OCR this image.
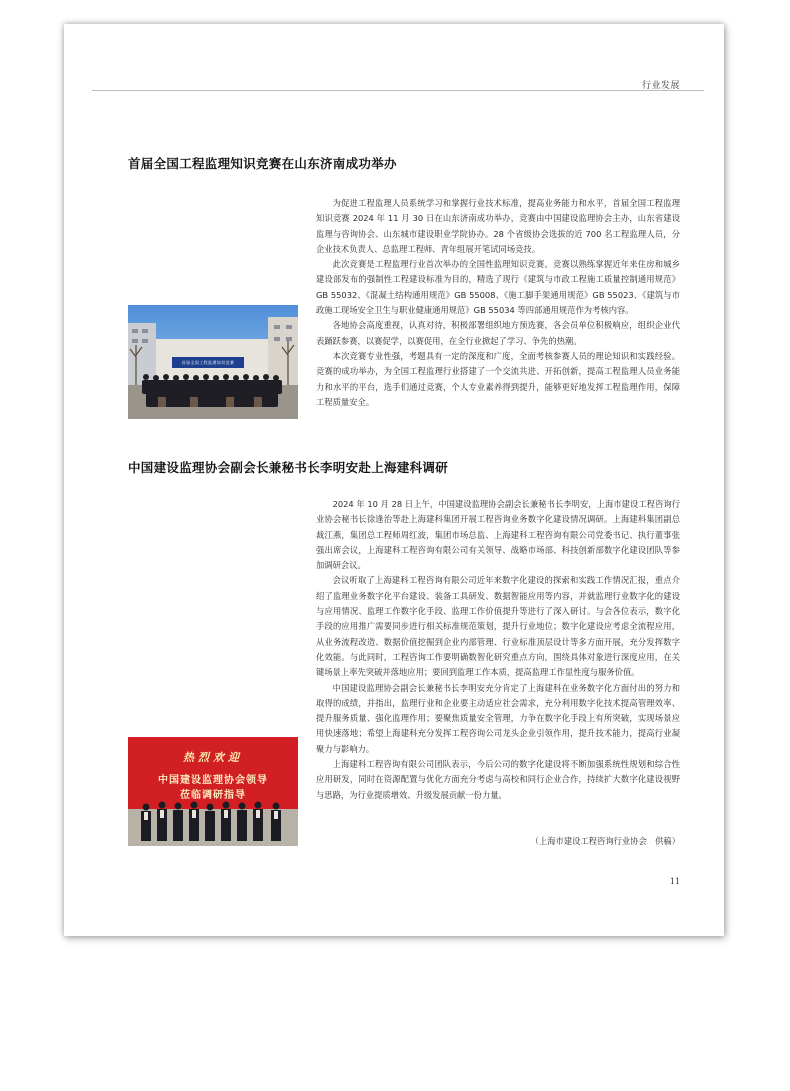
行业发展
首届全国工程监理知识竞赛在山东济南成功举办
首届全国工程监理知识竞赛

为促进工程监理人员系统学习和掌握行业技术标准，提高业务能力和水平，首届全国工程监理知识竞赛 2024 年 11 月 30 日在山东济南成功举办，竞赛由中国建设监理协会主办，山东省建设监理与咨询协会、山东城市建设职业学院协办。28 个省级协会选拔的近 700 名工程监理人员，分企业技术负责人、总监理工程师、青年组展开笔试同场竞技。

此次竞赛是工程监理行业首次举办的全国性监理知识竞赛。竞赛以熟练掌握近年来住房和城乡建设部发布的强制性工程建设标准为目的，精选了现行《建筑与市政工程施工质量控制通用规范》GB 55032、《混凝土结构通用规范》GB 55008、《施工脚手架通用规范》GB 55023、《建筑与市政施工现场安全卫生与职业健康通用规范》GB 55034 等四部通用规范作为考核内容。

各地协会高度重视，认真对待，积极部署组织地方预选赛，各会员单位积极响应，组织企业代表踊跃参赛，以赛促学，以赛促用，在全行业掀起了学习、争先的热潮。

本次竞赛专业性强，考题具有一定的深度和广度，全面考核参赛人员的理论知识和实践经验。竞赛的成功举办，为全国工程监理行业搭建了一个交流共进、开拓创新，提高工程监理人员业务能力和水平的平台，选手们通过竞赛，个人专业素养得到提升，能够更好地发挥工程监理作用，保障工程质量安全。

中国建设监理协会副会长兼秘书长李明安赴上海建科调研

2024 年 10 月 28 日上午，中国建设监理协会副会长兼秘书长李明安，上海市建设工程咨询行业协会秘书长徐逢治等赴上海建科集团开展工程咨询业务数字化建设情况调研。上海建科集团副总裁江燕，集团总工程师周红波，集团市场总监、上海建科工程咨询有限公司党委书记、执行董事张强出席会议，上海建科工程咨询有限公司有关领导、战略市场部、科技创新部数字化建设团队等参加调研会议。

会议听取了上海建科工程咨询有限公司近年来数字化建设的探索和实践工作情况汇报，重点介绍了监理业务数字化平台建设、装备工具研发、数据智能应用等内容，并就监理行业数字化的建设与应用情况、监理工作数字化手段、监理工作价值提升等进行了深入研讨。与会各位表示，数字化手段的应用推广需要同步进行相关标准规范策划，提升行业地位；数字化建设应考虑全流程应用，从业务流程改造、数据价值挖掘到企业内部管理、行业标准顶层设计等多方面开展，充分发挥数字化效能。与此同时，工程咨询工作要明确数智化研究重点方向，围绕具体对象进行深度应用，在关键场景上率先突破并落地应用；要回到监理工作本质，提高监理工作显性度与服务价值。

中国建设监理协会副会长兼秘书长李明安充分肯定了上海建科在业务数字化方面付出的努力和取得的成绩，并指出，监理行业和企业要主动适应社会需求，充分利用数字化技术提高管理效率、提升服务质量、强化监理作用；要聚焦质量安全管理，力争在数字化手段上有所突破，实现场景应用快速落地；希望上海建科充分发挥工程咨询公司龙头企业引领作用，提升技术能力，提高行业凝聚力与影响力。

上海建科工程咨询有限公司团队表示，今后公司的数字化建设将不断加强系统性规划和综合性应用研发，同时在资源配置与优化方面充分考虑与高校和同行企业合作，持续扩大数字化建设视野与思路，为行业提质增效、升级发展贡献一份力量。

热烈欢迎
中国建设监理协会领导
莅临调研指导
（上海市建设工程咨询行业协会　供稿）
11
